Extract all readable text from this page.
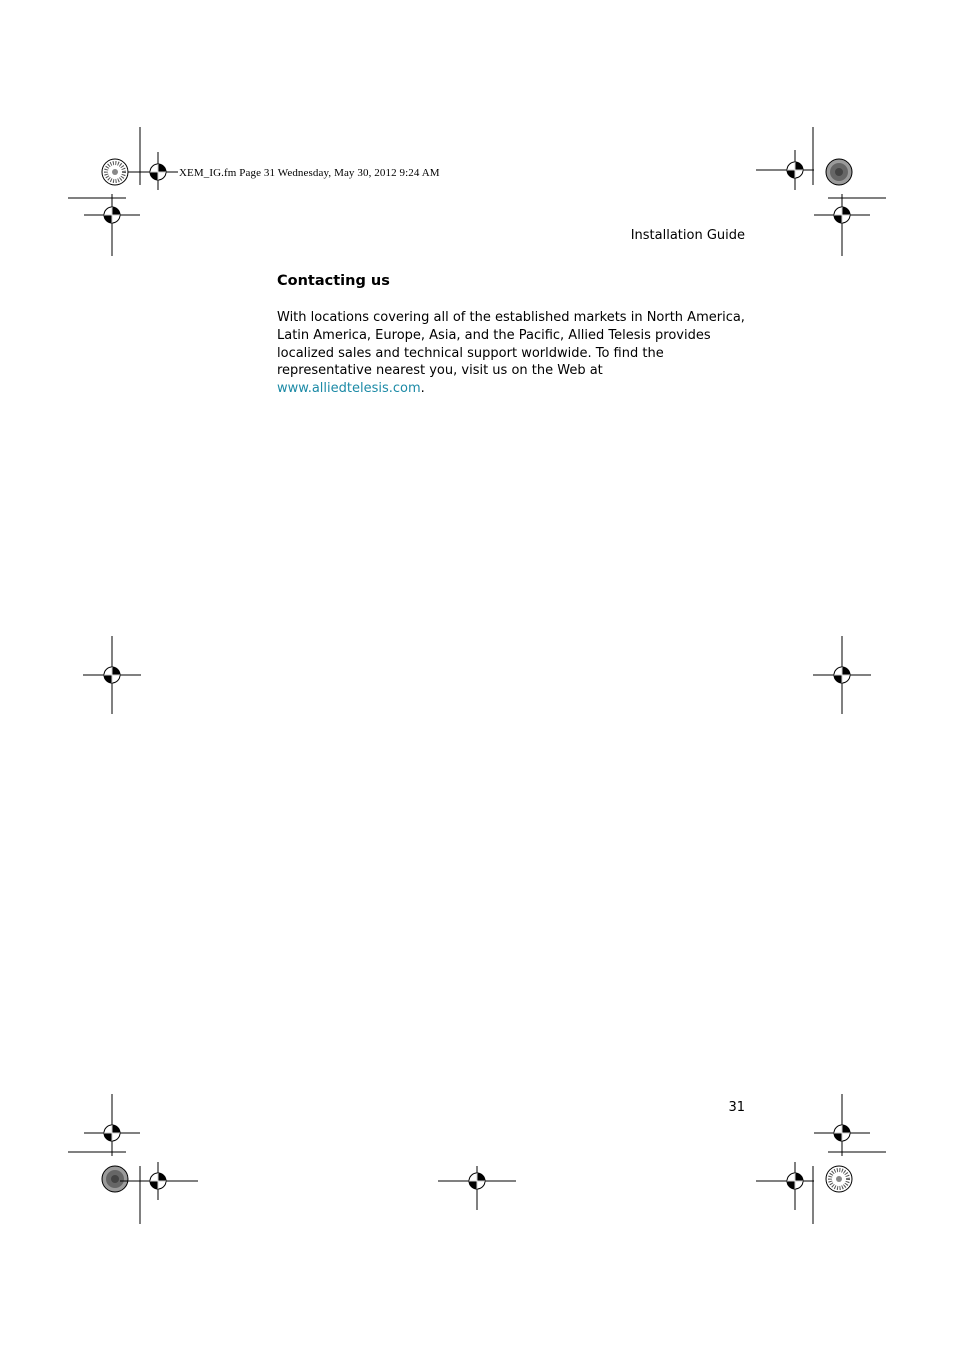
XEM_IG.fm Page 31 Wednesday, May 30, 2012 9:24 AM
Installation Guide
Contacting us

With locations covering all of the established markets in North America, Latin America, Europe, Asia, and the Pacific, Allied Telesis provides localized sales and technical support worldwide. To find the representative nearest you, visit us on the Web at www.alliedtelesis.com.

31
